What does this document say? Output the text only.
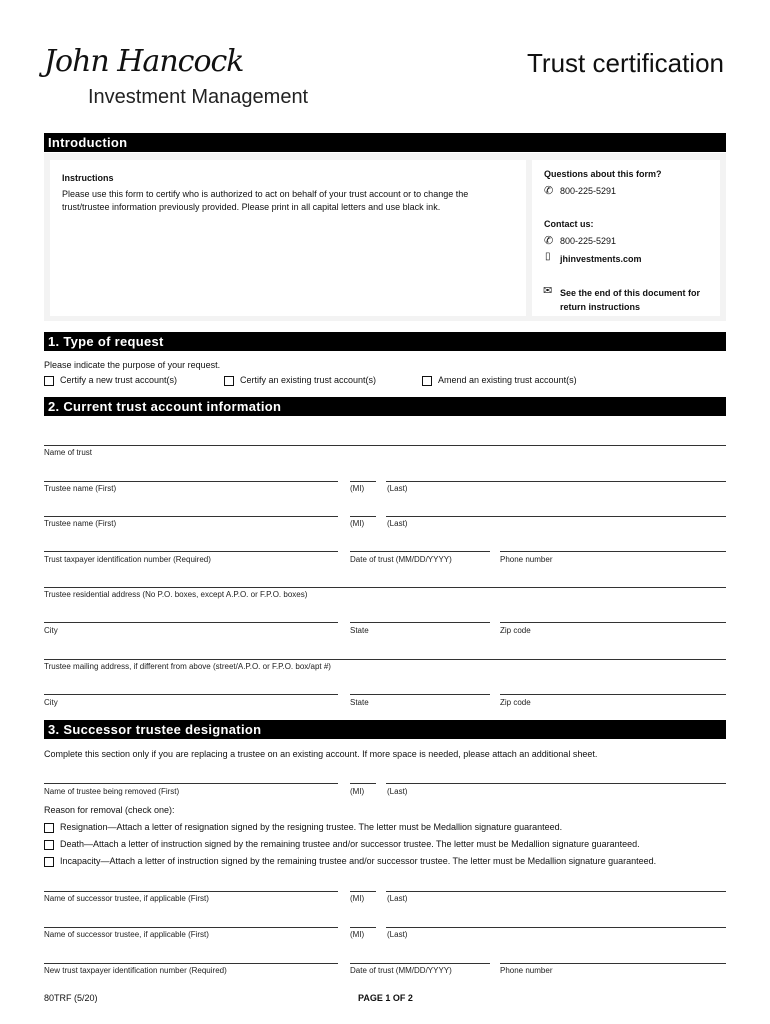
John Hancock
Investment Management
Trust certification
Introduction
Instructions
Please use this form to certify who is authorized to act on behalf of your trust account or to change the trust/trustee information previously provided. Please print in all capital letters and use black ink.
Questions about this form?
✆ 800-225-5291
Contact us:
✆ 800-225-5291
▯ jhinvestments.com
✉ See the end of this document for return instructions
1. Type of request
Please indicate the purpose of your request.
Certify a new trust account(s)	Certify an existing trust account(s)	Amend an existing trust account(s)
2. Current trust account information
Name of trust
Trustee name (First)	(MI)	(Last)
Trustee name (First)	(MI)	(Last)
Trust taxpayer identification number (Required)	Date of trust (MM/DD/YYYY)	Phone number
Trustee residential address (No P.O. boxes, except A.P.O. or F.P.O. boxes)
City	State	Zip code
Trustee mailing address, if different from above (street/A.P.O. or F.P.O. box/apt #)
City	State	Zip code
3. Successor trustee designation
Complete this section only if you are replacing a trustee on an existing account. If more space is needed, please attach an additional sheet.
Name of trustee being removed (First)	(MI)	(Last)
Reason for removal (check one):
Resignation—Attach a letter of resignation signed by the resigning trustee. The letter must be Medallion signature guaranteed.
Death—Attach a letter of instruction signed by the remaining trustee and/or successor trustee. The letter must be Medallion signature guaranteed.
Incapacity—Attach a letter of instruction signed by the remaining trustee and/or successor trustee. The letter must be Medallion signature guaranteed.
Name of successor trustee, if applicable (First)	(MI)	(Last)
Name of successor trustee, if applicable (First)	(MI)	(Last)
New trust taxpayer identification number (Required)	Date of trust (MM/DD/YYYY)	Phone number
80TRF (5/20)	PAGE 1 OF 2
